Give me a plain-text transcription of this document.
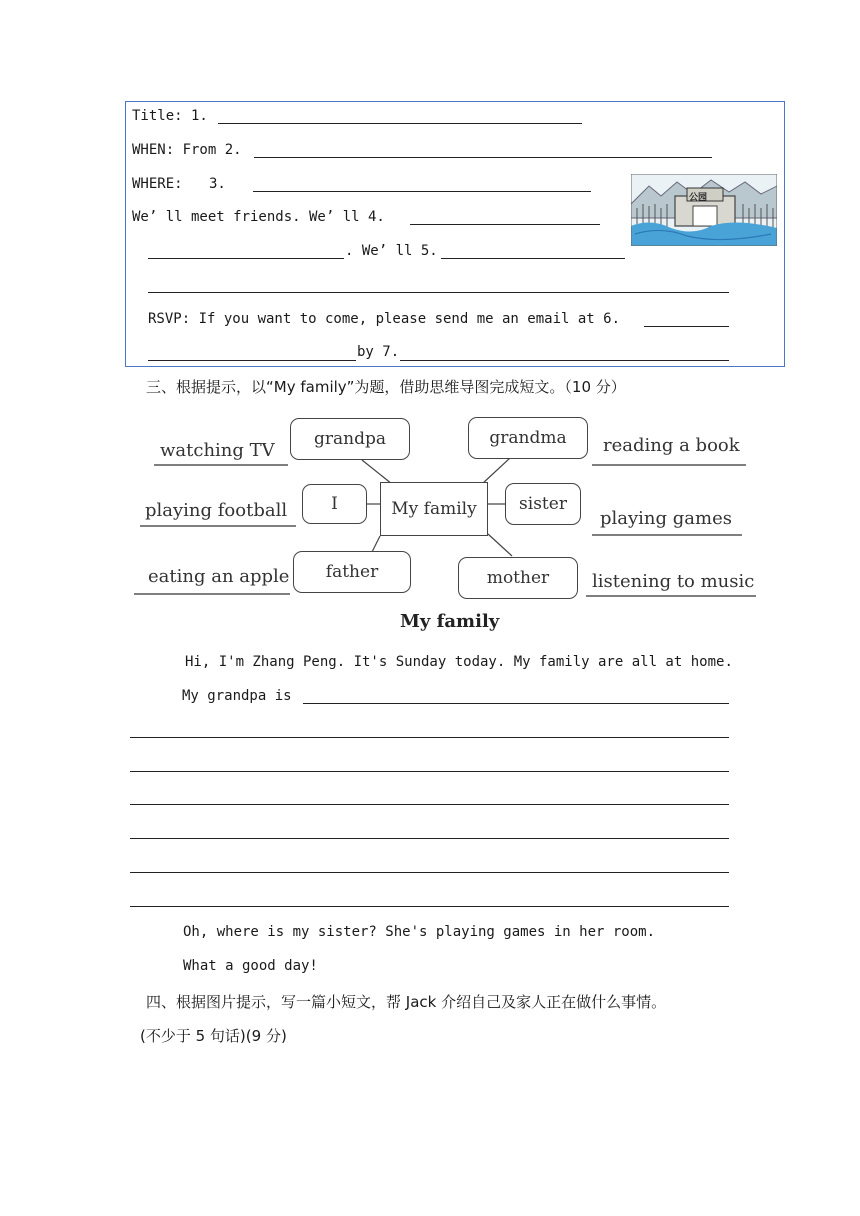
Title: 1.
WHEN: From 2.
WHERE: 3.
We’ ll meet friends. We’ ll 4.
. We’ ll 5.
RSVP: If you want to come, please send me an email at 6.
by 7.
公园
三、根据提示，以“My family”为题，借助思维导图完成短文。（10 分）
watching TV	reading a book
playing football	playing games
eating an apple	listening to music
grandpa	grandma
I	My family	sister
father	mother
My family
Hi, I'm Zhang Peng. It's Sunday today. My family are all at home.
My grandpa is
Oh, where is my sister? She's playing games in her room.
What a good day!
四、根据图片提示，写一篇小短文，帮 Jack 介绍自己及家人正在做什么事情。
(不少于 5 句话)(9 分)
